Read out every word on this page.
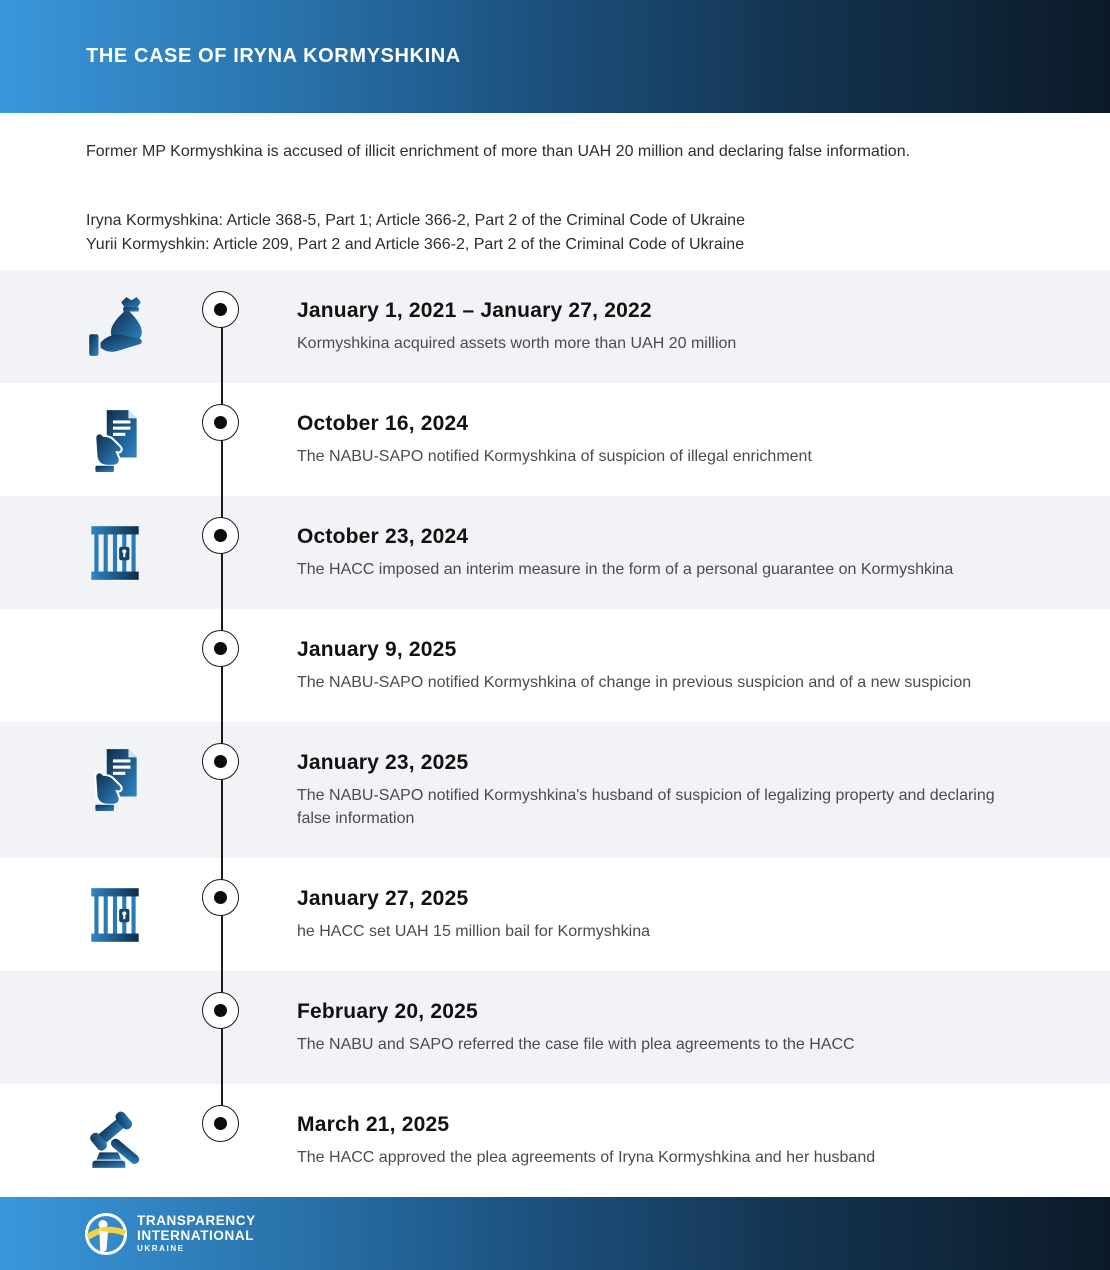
THE CASE OF IRYNA KORMYSHKINA

Former MP Kormyshkina is accused of illicit enrichment of more than UAH 20 million and declaring false information.

Iryna Kormyshkina: Article 368-5, Part 1; Article 366-2, Part 2 of the Criminal Code of Ukraine
Yurii Kormyshkin: Article 209, Part 2 and Article 366-2, Part 2 of the Criminal Code of Ukraine
January 1, 2021 – January 27, 2022

Kormyshkina acquired assets worth more than UAH 20 million

October 16, 2024

The NABU-SAPO notified Kormyshkina of suspicion of illegal enrichment

October 23, 2024

The HACC imposed an interim measure in the form of a personal guarantee on Kormyshkina

January 9, 2025

The NABU-SAPO notified Kormyshkina of change in previous suspicion and of a new suspicion

January 23, 2025

The NABU-SAPO notified Kormyshkina's husband of suspicion of legalizing property and declaring false information

January 27, 2025

he HACC set UAH 15 million bail for Kormyshkina

February 20, 2025

The NABU and SAPO referred the case file with plea agreements to the HACC

March 21, 2025

The HACC approved the plea agreements of Iryna Kormyshkina and her husband

TRANSPARENCY
INTERNATIONAL
UKRAINE
